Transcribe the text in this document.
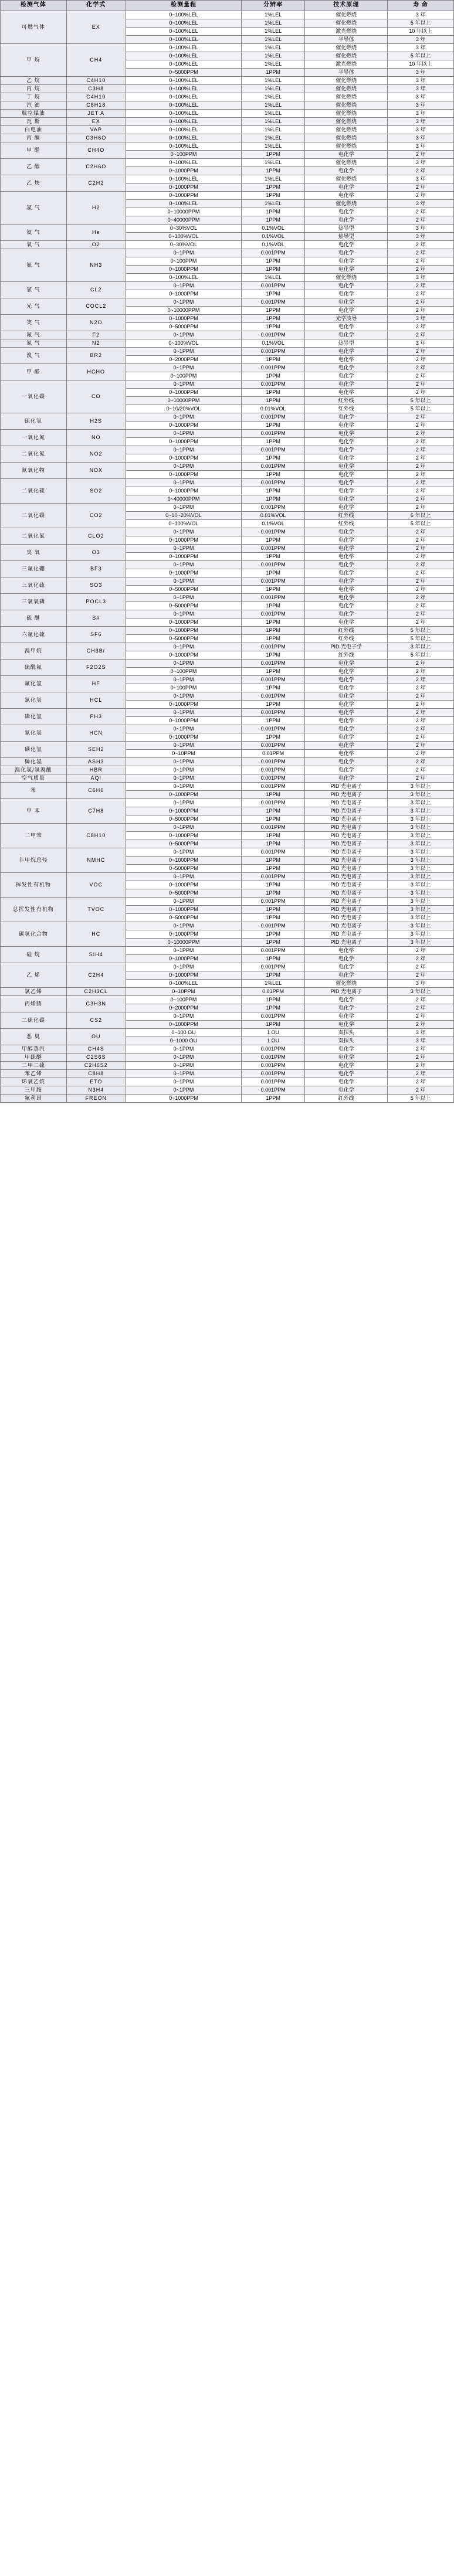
检测气体	化学式	检测量程	分辨率	技术原理	寿 命
可燃气体	EX	0~100%LEL	1%LEL	催化燃烧	3 年
		0~100%LEL	1%LEL	催化燃烧	5 年以上
		0~100%LEL	1%LEL	激光燃烧	10 年以上
		0~100%LEL	1%LEL	半导体	3 年
甲 烷	CH4	0~100%LEL	1%LEL	催化燃烧	3 年
		0~100%LEL	1%LEL	催化燃烧	5 年以上
		0~100%LEL	1%LEL	激光燃烧	10 年以上
		0~5000PPM	1PPM	半导体	3 年
乙 烷	C4H10	0~100%LEL	1%LEL	催化燃烧	3 年
丙 烷	C3H8	0~100%LEL	1%LEL	催化燃烧	3 年
丁 烷	C4H10	0~100%LEL	1%LEL	催化燃烧	3 年
汽 油	C8H18	0~100%LEL	1%LEL	催化燃烧	3 年
航空煤油	JET A	0~100%LEL	1%LEL	催化燃烧	3 年
瓦 斯	EX	0~100%LEL	1%LEL	催化燃烧	3 年
白电油	VAP	0~100%LEL	1%LEL	催化燃烧	3 年
丙 酮	C3H6O	0~100%LEL	1%LEL	催化燃烧	3 年
甲 醛	CH4O	0~100%LEL	1%LEL	催化燃烧	3 年
		0~100PPM	1PPM	电化学	2 年
乙 醇	C2H6O	0~100%LEL	1%LEL	催化燃烧	3 年
		0~1000PPM	1PPM	电化学	2 年
乙 炔	C2H2	0~100%LEL	1%LEL	催化燃烧	3 年
		0~1000PPM	1PPM	电化学	2 年
氢 气	H2	0~1000PPM	1PPM	电化学	2 年
		0~100%LEL	1%LEL	催化燃烧	3 年
		0~10000PPM	1PPM	电化学	2 年
		0~40000PPM	1PPM	电化学	2 年
氦 气	He	0~30%VOL	0.1%VOL	热导型	3 年
		0~100%VOL	0.1%VOL	热导型	3 年
氧 气	O2	0~30%VOL	0.1%VOL	电化学	2 年
氨 气	NH3	0~1PPM	0.001PPM	电化学	2 年
		0~100PPM	1PPM	电化学	2 年
		0~1000PPM	1PPM	电化学	2 年
		0~100%LEL	1%LEL	催化燃烧	3 年
氯 气	CL2	0~1PPM	0.001PPM	电化学	2 年
		0~1000PPM	1PPM	电化学	2 年
光 气	COCL2	0~1PPM	0.001PPM	电化学	2 年
		0~10000PPM	1PPM	电化学	2 年
笑 气	N2O	0~1000PPM	1PPM	光学波导	3 年
		0~5000PPM	1PPM	电化学	2 年
氟 气	F2	0~1PPM	0.001PPM	电化学	2 年
氮 气	N2	0~100%VOL	0.1%VOL	热导型	3 年
溴 气	BR2	0~1PPM	0.001PPM	电化学	2 年
		0~2000PPM	1PPM	电化学	2 年
甲 醛	HCHO	0~1PPM	0.001PPM	电化学	2 年
		0~100PPM	1PPM	电化学	2 年
一氧化碳	CO	0~1PPM	0.001PPM	电化学	2 年
		0~1000PPM	1PPM	电化学	2 年
		0~10000PPM	1PPM	红外线	5 年以上
		0~10/20%VOL	0.01%VOL	红外线	5 年以上
硫化氢	H2S	0~1PPM	0.001PPM	电化学	2 年
		0~1000PPM	1PPM	电化学	2 年
一氧化氮	NO	0~1PPM	0.001PPM	电化学	2 年
		0~1000PPM	1PPM	电化学	2 年
二氧化氮	NO2	0~1PPM	0.001PPM	电化学	2 年
		0~1000PPM	1PPM	电化学	2 年
氮氧化物	NOX	0~1PPM	0.001PPM	电化学	2 年
		0~1000PPM	1PPM	电化学	2 年
二氧化硫	SO2	0~1PPM	0.001PPM	电化学	2 年
		0~1000PPM	1PPM	电化学	2 年
		0~40000PPM	1PPM	电化学	2 年
二氧化碳	CO2	0~1PPM	0.001PPM	电化学	2 年
		0~10~20%VOL	0.01%VOL	红外线	6 年以上
		0~100%VOL	0.1%VOL	红外线	5 年以上
二氧化氯	CLO2	0~1PPM	0.001PPM	电化学	2 年
		0~1000PPM	1PPM	电化学	2 年
臭 氧	O3	0~1PPM	0.001PPM	电化学	2 年
		0~1000PPM	1PPM	电化学	2 年
三氟化硼	BF3	0~1PPM	0.001PPM	电化学	2 年
		0~1000PPM	1PPM	电化学	2 年
三氧化硫	SO3	0~1PPM	0.001PPM	电化学	2 年
		0~5000PPM	1PPM	电化学	2 年
三氯氧磷	POCL3	0~1PPM	0.001PPM	电化学	2 年
		0~5000PPM	1PPM	电化学	2 年
硫 醚	S#	0~1PPM	0.001PPM	电化学	2 年
		0~1000PPM	1PPM	电化学	2 年
六氟化硫	SF6	0~1000PPM	1PPM	红外线	5 年以上
		0~5000PPM	1PPM	红外线	5 年以上
溴甲烷	CH3Br	0~1PPM	0.001PPM	PID 光电子学	3 年以上
		0~1000PPM	1PPM	红外线	5 年以上
硫酰氟	F2O2S	0~1PPM	0.001PPM	电化学	2 年
		0~100PPM	1PPM	电化学	2 年
氟化氢	HF	0~1PPM	0.001PPM	电化学	2 年
		0~100PPM	1PPM	电化学	2 年
氯化氢	HCL	0~1PPM	0.001PPM	电化学	2 年
		0~1000PPM	1PPM	电化学	2 年
磷化氢	PH3	0~1PPM	0.001PPM	电化学	2 年
		0~1000PPM	1PPM	电化学	2 年
氰化氢	HCN	0~1PPM	0.001PPM	电化学	2 年
		0~1000PPM	1PPM	电化学	2 年
硒化氢	SEH2	0~1PPM	0.001PPM	电化学	2 年
		0~10PPM	0.01PPM	电化学	2 年
砷化氢	ASH3	0~1PPM	0.001PPM	电化学	2 年
溴化氢/氢溴酸	HBR	0~1PPM	0.001PPM	电化学	2 年
空气质量	AQI	0~1PPM	0.001PPM	电化学	2 年
苯	C6H6	0~1PPM	0.001PPM	PID 光电离子	3 年以上
		0~1000PPM	1PPM	PID 光电离子	3 年以上
甲 苯	C7H8	0~1PPM	0.001PPM	PID 光电离子	3 年以上
		0~1000PPM	1PPM	PID 光电离子	3 年以上
		0~5000PPM	1PPM	PID 光电离子	3 年以上
二甲苯	C8H10	0~1PPM	0.001PPM	PID 光电离子	3 年以上
		0~1000PPM	1PPM	PID 光电离子	3 年以上
		0~5000PPM	1PPM	PID 光电离子	3 年以上
非甲烷总烃	NMHC	0~1PPM	0.001PPM	PID 光电离子	3 年以上
		0~1000PPM	1PPM	PID 光电离子	3 年以上
		0~5000PPM	1PPM	PID 光电离子	3 年以上
挥发性有机物	VOC	0~1PPM	0.001PPM	PID 光电离子	3 年以上
		0~1000PPM	1PPM	PID 光电离子	3 年以上
		0~5000PPM	1PPM	PID 光电离子	3 年以上
总挥发性有机物	TVOC	0~1PPM	0.001PPM	PID 光电离子	3 年以上
		0~1000PPM	1PPM	PID 光电离子	3 年以上
		0~5000PPM	1PPM	PID 光电离子	3 年以上
碳氢化合物	HC	0~1PPM	0.001PPM	PID 光电离子	3 年以上
		0~1000PPM	1PPM	PID 光电离子	3 年以上
		0~10000PPM	1PPM	PID 光电离子	3 年以上
硅 烷	SIH4	0~1PPM	0.001PPM	电化学	2 年
		0~1000PPM	1PPM	电化学	2 年
乙 烯	C2H4	0~1PPM	0.001PPM	电化学	2 年
		0~1000PPM	1PPM	电化学	2 年
		0~100%LEL	1%LEL	催化燃烧	3 年
氯乙烯	C2H3CL	0~10PPM	0.01PPM	PID 光电离子	3 年以上
丙烯腈	C3H3N	0~100PPM	1PPM	电化学	2 年
		0~2000PPM	1PPM	电化学	2 年
二硫化碳	CS2	0~1PPM	0.001PPM	电化学	2 年
		0~1000PPM	1PPM	电化学	2 年
恶 臭	OU	0~100 OU	1 OU	双探头	3 年
		0~1000 OU	1 OU	双探头	3 年
甲醇蒸汽	CH4S	0~1PPM	0.001PPM	电化学	2 年
甲硫醚	C2S6S	0~1PPM	0.001PPM	电化学	2 年
二甲二硫	C2H6S2	0~1PPM	0.001PPM	电化学	2 年
苯乙烯	C8H8	0~1PPM	0.001PPM	电化学	2 年
环氧乙烷	ETO	0~1PPM	0.001PPM	电化学	2 年
三甲胺	N3H4	0~1PPM	0.001PPM	电化学	2 年
氟利昂	FREON	0~1000PPM	1PPM	红外线	5 年以上
